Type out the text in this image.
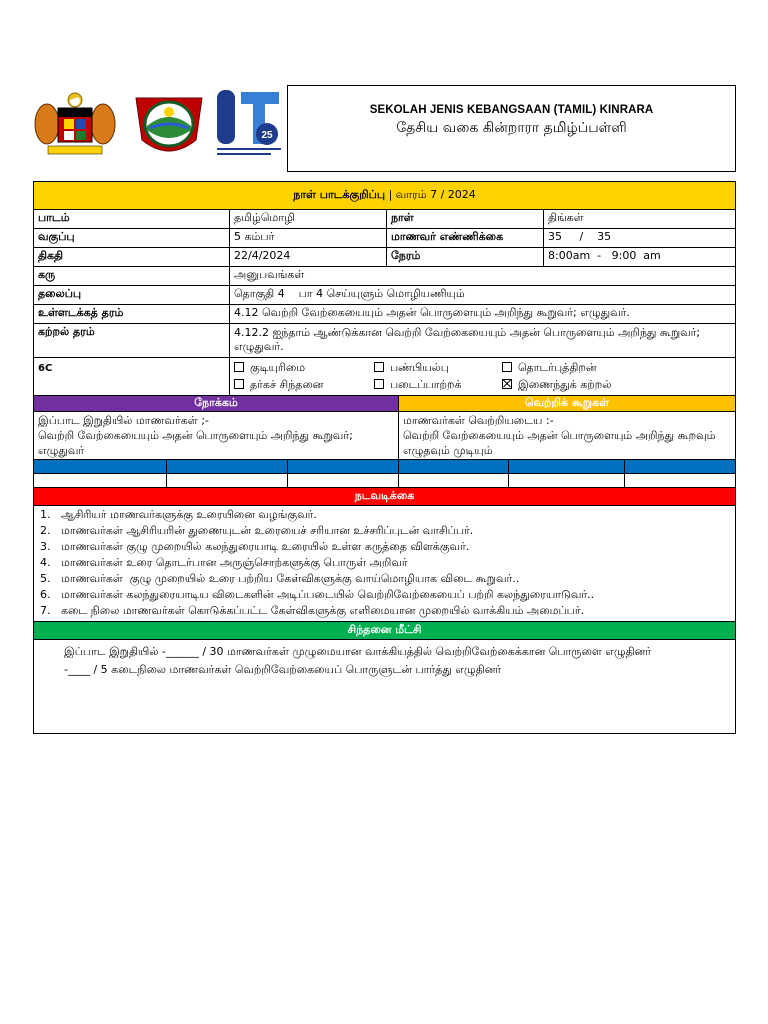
25
SEKOLAH JENIS KEBANGSAAN (TAMIL) KINRARA
தேசிய வகை கின்றாரா தமிழ்ப்பள்ளி
நாள் பாடக்குறிப்பு
| வாரம் 7 / 2024
பாடம்	தமிழ்மொழி	நாள்	திங்கள்
வகுப்பு	5 கம்பர்	மாணவர் எண்ணிக்கை	35     /    35
திகதி	22/4/2024	நேரம்	8:00am  -   9:00  am
கரு	அனுபவங்கள்
தலைப்பு	தொகுதி 4    பா 4 செய்யுளும் மொழியணியும்
உள்ளடக்கத் தரம்	4.12 வெற்றி வேற்கையையும் அதன் பொருளையும் அறிந்து கூறுவர்; எழுதுவர்.
கற்றல் தரம்	4.12.2 ஐந்தாம் ஆண்டுக்கான வெற்றி வேற்கையையும் அதன் பொருளையும் அறிந்து கூறுவர்; எழுதுவர்.
6C	குடியுரிமை	பண்பியல்பு	தொடர்புத்திறன்
தர்கச் சிந்தனை	படைப்பாற்றக்	இணைந்துக் கற்றல்
நோக்கம்	வெற்றிக் கூறுகள்
இப்பாட இறுதியில் மாணவர்கள் ;-
வெற்றி வேற்கையையும் அதன் பொருளையும் அறிந்து கூறுவர்; எழுதுவர்
மாணவர்கள் வெற்றியடைய :-
வெற்றி வேற்கையையும் அதன் பொருளையும் அறிந்து கூறவும் எழுதவும் முடியும்
நடவடிக்கை
1.   ஆசிரியர் மாணவர்களுக்கு உரையினை வழங்குவர்.
2.   மாணவர்கள் ஆசிரியரின் துணையுடன் உரையைச் சரியான உச்சரிப்புடன் வாசிப்பர்.
3.   மாணவர்கள் குழு முறையில் கலந்துரையாடி உரையில் உள்ள கருத்தை விளக்குவர்.
4.   மாணவர்கள் உரை தொடர்பான அருஞ்சொற்களுக்கு பொருள் அறிவர்
5.   மாணவர்கள்  குழு முறையில் உரை பற்றிய கேள்விகளுக்கு வாய்மொழியாக விடை கூறுவர்..
6.   மாணவர்கள் கலந்துரையாடிய விடைகளின் அடிப்படையில் வெற்றிவேற்கையைப் பற்றி கலந்துரையாடுவர்..
7.   கடை நிலை மாணவர்கள் கொடுக்கப்பட்ட கேள்விகளுக்கு எளிமையான முறையில் வாக்கியம் அமைப்பர்.
சிந்தனை மீட்சி
இப்பாட இறுதியில் -______ / 30 மாணவர்கள் முழுமையான வாக்கியத்தில் வெற்றிவேற்கைக்கான பொருளை எழுதினர்
-____ / 5 கடைநிலை மாணவர்கள் வெற்றிவேற்கையைப் பொருளுடன் பார்த்து எழுதினர்
